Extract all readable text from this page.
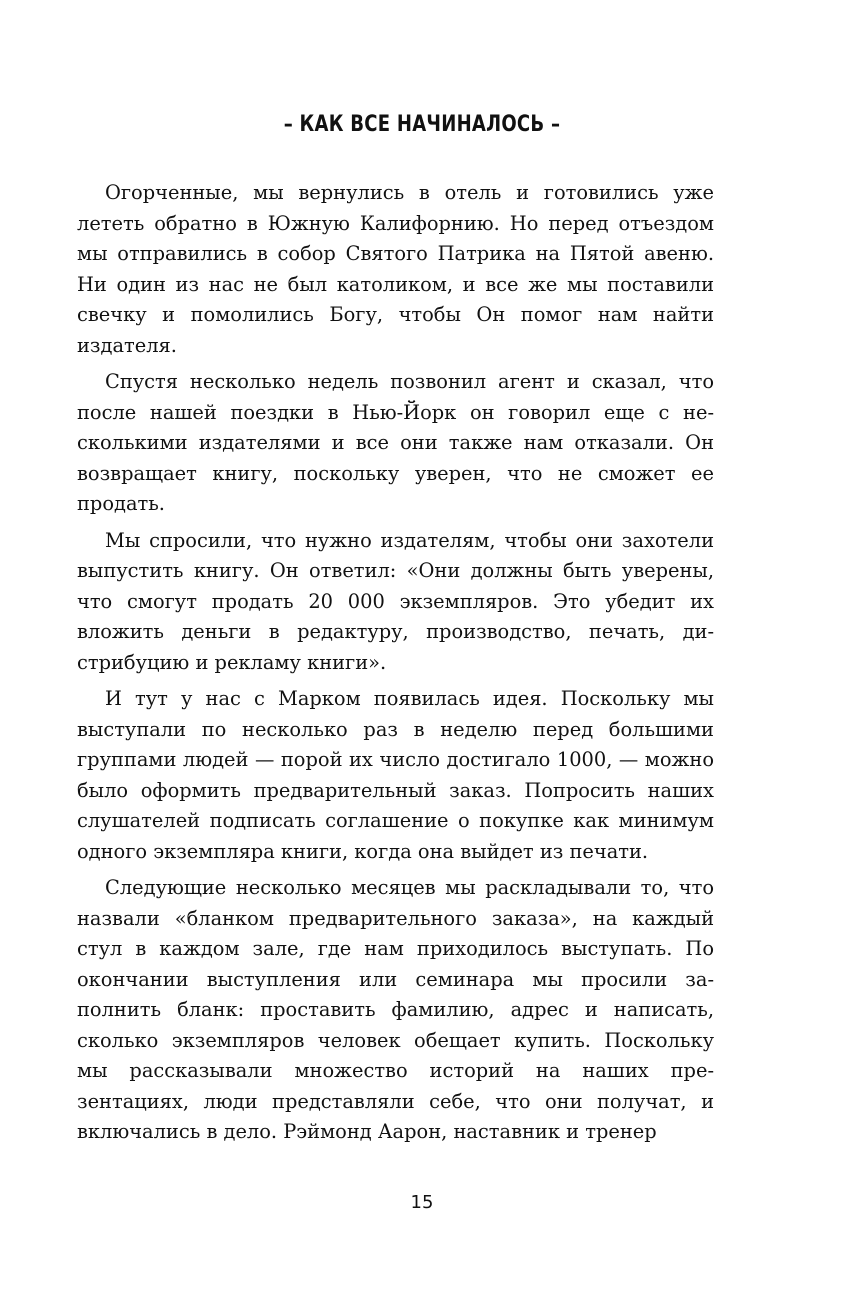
– КАК ВСЕ НАЧИНАЛОСЬ –

Огорченные, мы вернулись в отель и готовились уже лететь обратно в Южную Калифорнию. Но перед отъездом мы отправились в собор Святого Патрика на Пятой авеню. Ни один из нас не был католиком, и все же мы поставили свечку и помолились Богу, чтобы Он помог нам найти издателя.

Спустя несколько недель позвонил агент и сказал, что после нашей поездки в Нью-Йорк он говорил еще с несколькими издателями и все они также нам отказали. Он возвращает книгу, поскольку уверен, что не сможет ее продать.

Мы спросили, что нужно издателям, чтобы они захотели выпустить книгу. Он ответил: «Они должны быть уверены, что смогут продать 20 000 экземпляров. Это убедит их вложить деньги в редактуру, производство, печать, дистрибуцию и рекламу книги».

И тут у нас с Марком появилась идея. Поскольку мы выступали по несколько раз в неделю перед большими группами людей — порой их число достигало 1000, — можно было оформить предварительный заказ. Попросить наших слушателей подписать соглашение о покупке как минимум одного экземпляра книги, когда она выйдет из печати.

Следующие несколько месяцев мы раскладывали то, что назвали «бланком предварительного заказа», на каждый стул в каждом зале, где нам приходилось выступать. По окончании выступления или семинара мы просили заполнить бланк: проставить фамилию, адрес и написать, сколько экземпляров человек обещает купить. Поскольку мы рассказывали множество историй на наших презентациях, люди представляли себе, что они получат, и включались в дело. Рэймонд Аарон, наставник и тренер

15
